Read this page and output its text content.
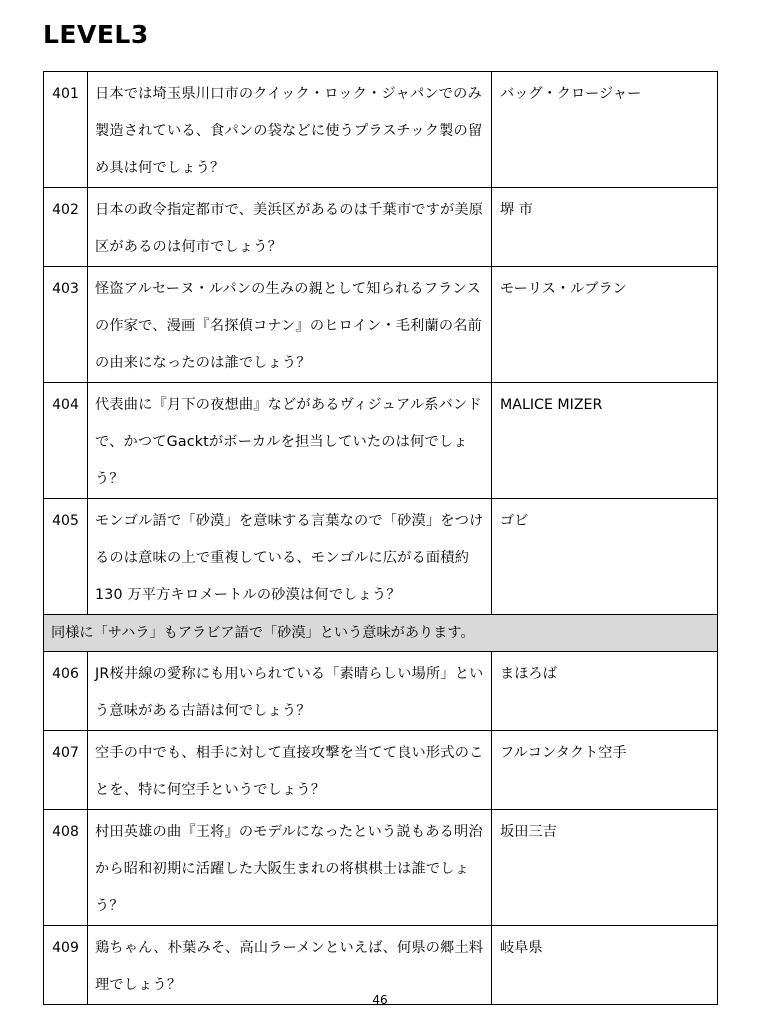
LEVEL3
401	日本では埼玉県川口市のクイック・ロック・ジャパンでのみ製造されている、食パンの袋などに使うプラスチック製の留め具は何でしょう？	バッグ・クロージャー

402	日本の政令指定都市で、美浜区があるのは千葉市ですが美原区があるのは何市でしょう？	堺 市

403	怪盗アルセーヌ・ルパンの生みの親として知られるフランスの作家で、漫画『名探偵コナン』のヒロイン・毛利蘭の名前の由来になったのは誰でしょう？	モーリス・ルブラン

404	代表曲に『月下の夜想曲』などがあるヴィジュアル系バンドで、かつてGacktがボーカルを担当していたのは何でしょう？	MALICE MIZER

405	モンゴル語で「砂漠」を意味する言葉なので「砂漠」をつけるのは意味の上で重複している、モンゴルに広がる面積約 130 万平方キロメートルの砂漠は何でしょう？	ゴビ

同様に「サハラ」もアラビア語で「砂漠」という意味があります。		

406	JR桜井線の愛称にも用いられている「素晴らしい場所」という意味がある古語は何でしょう？	まほろば

407	空手の中でも、相手に対して直接攻撃を当てて良い形式のことを、特に何空手というでしょう？	フルコンタクト空手

408	村田英雄の曲『王将』のモデルになったという説もある明治から昭和初期に活躍した大阪生まれの将棋棋士は誰でしょう？	坂田三吉

409	鶏ちゃん、朴葉みそ、高山ラーメンといえば、何県の郷土料理でしょう？	岐阜県
46
